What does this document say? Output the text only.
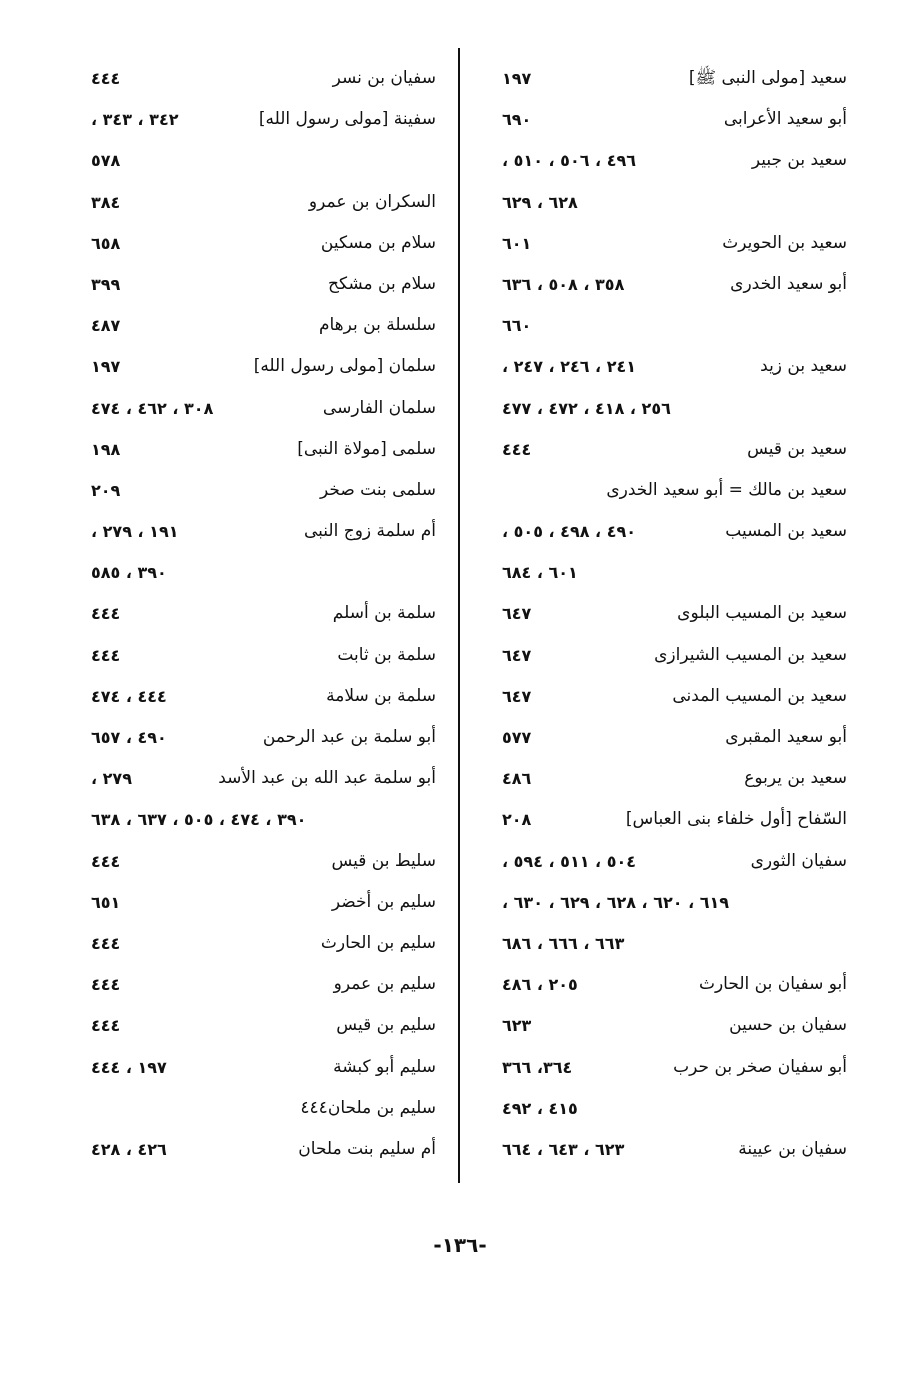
سعيد [مولى النبى ﷺ]
١٩٧
أبو سعيد الأعرابى
٦٩٠
سعيد بن جبير
٤٩٦ ، ٥٠٦ ، ٥١٠ ،
٦٢٨ ، ٦٢٩
سعيد بن الحويرث
٦٠١
أبو سعيد الخدرى
٣٥٨ ، ٥٠٨ ، ٦٣٦
٦٦٠
سعيد بن زيد
٢٤١ ، ٢٤٦ ، ٢٤٧ ،
٢٥٦ ، ٤١٨ ، ٤٧٢ ، ٤٧٧
سعيد بن قيس
٤٤٤
سعيد بن مالك = أبو سعيد الخدرى
سعيد بن المسيب
٤٩٠ ، ٤٩٨ ، ٥٠٥ ،
٦٠١ ، ٦٨٤
سعيد بن المسيب البلوى
٦٤٧
سعيد بن المسيب الشيرازى
٦٤٧
سعيد بن المسيب المدنى
٦٤٧
أبو سعيد المقبرى
٥٧٧
سعيد بن يربوع
٤٨٦
السّفاح [أول خلفاء بنى العباس]
٢٠٨
سفيان الثورى
٥٠٤ ، ٥١١ ، ٥٩٤ ،
٦١٩ ، ٦٢٠ ، ٦٢٨ ، ٦٢٩ ، ٦٣٠ ،
٦٦٣ ، ٦٦٦ ، ٦٨٦
أبو سفيان بن الحارث
٢٠٥ ، ٤٨٦
سفيان بن حسين
٦٢٣
أبو سفيان صخر بن حرب
٣٦٤، ٣٦٦
٤١٥ ، ٤٩٢
سفيان بن عيينة
٦٢٣ ، ٦٤٣ ، ٦٦٤
سفيان بن نسر
٤٤٤
سفينة [مولى رسول الله]
٣٤٢ ، ٣٤٣ ،
٥٧٨
السكران بن عمرو
٣٨٤
سلام بن مسكين
٦٥٨
سلام بن مشكح
٣٩٩
سلسلة بن برهام
٤٨٧
سلمان [مولى رسول الله]
١٩٧
سلمان الفارسى
٣٠٨ ، ٤٦٢ ، ٤٧٤
سلمى [مولاة النبى]
١٩٨
سلمى بنت صخر
٢٠٩
أم سلمة زوج النبى
١٩١ ، ٢٧٩ ،
٣٩٠ ، ٥٨٥
سلمة بن أسلم
٤٤٤
سلمة بن ثابت
٤٤٤
سلمة بن سلامة
٤٤٤ ، ٤٧٤
أبو سلمة بن عبد الرحمن
٤٩٠ ، ٦٥٧
أبو سلمة عبد الله بن عبد الأسد
٢٧٩ ،
٣٩٠ ، ٤٧٤ ، ٥٠٥ ، ٦٣٧ ، ٦٣٨
سليط بن قيس
٤٤٤
سليم بن أخضر
٦٥١
سليم بن الحارث
٤٤٤
سليم بن عمرو
٤٤٤
سليم بن قيس
٤٤٤
سليم أبو كبشة
١٩٧ ، ٤٤٤
سليم بن ملحان٤٤٤
أم سليم بنت ملحان
٤٢٦ ، ٤٢٨
-١٣٦-
